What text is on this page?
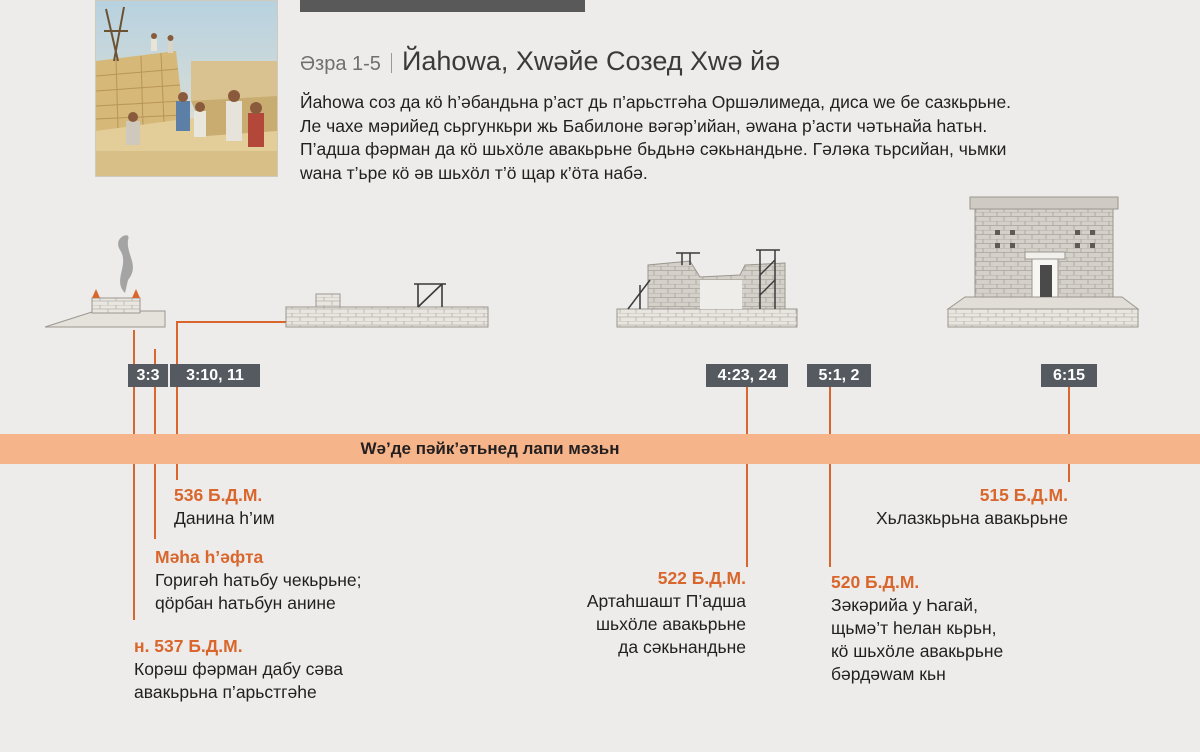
Әзра 1-5 Йаһowa, Хwәйе Созед Хwә йә

Йаһowa соз да кӧ һ’әбандьна р’аст дь п’арьстгәһа Оршәлимеда, диса we бе сазкьрьне.

Ле чахе мәрийед сьргункьри жь Бабилоне вәгәр’ийан, әwана р’асти чәтьнайа һатьн.

П’адша фәрман да кӧ шьхӧле авакьрьне бьдьнә сәкьнандьне. Гәләка тьрсийан, чьмки

wана т’ьре кӧ әв шьхӧл т’ӧ щар к’ӧта набә.

3:3	3:10, 11	4:23, 24	5:1, 2	6:15
Wә’де пәйк’әтьнед лапи мәзьн
536 Б.Д.М.
Данина һ’им
Мәһа һ’әфта
Горигәһ һатьбу чекьрьне;
qӧрбан һатьбун анине
н. 537 Б.Д.М.
Корәш фәрман дабу сәва
авакьрьна п’арьстгәһе
522 Б.Д.М.
Артаһшашт П’адша
шьхӧле авакьрьне
да сәкьнандьне
520 Б.Д.М.
Зәкәрийа у Һагай,
щьмә’т һелан кьрьн,
кӧ шьхӧле авакьрьне
бәрдәwам кьн
515 Б.Д.М.
Хьлазкьрьна авакьрьне
